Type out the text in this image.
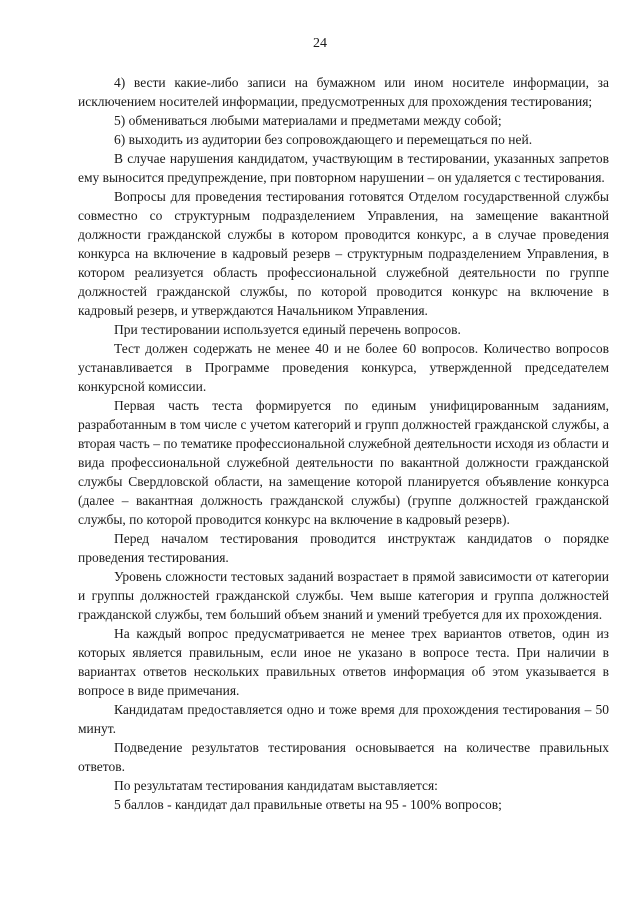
24

4) вести какие-либо записи на бумажном или ином носителе информации, за исключением носителей информации, предусмотренных для прохождения тестирования;

5) обмениваться любыми материалами и предметами между собой;

6) выходить из аудитории без сопровождающего и перемещаться по ней.

В случае нарушения кандидатом, участвующим в тестировании, указанных запретов ему выносится предупреждение, при повторном нарушении – он удаляется с тестирования.

Вопросы для проведения тестирования готовятся Отделом государственной службы совместно со структурным подразделением Управления, на замещение вакантной должности гражданской службы в котором проводится конкурс, а в случае проведения конкурса на включение в кадровый резерв – структурным подразделением Управления, в котором реализуется область профессиональной служебной деятельности по группе должностей гражданской службы, по которой проводится конкурс на включение в кадровый резерв, и утверждаются Начальником Управления.

При тестировании используется единый перечень вопросов.

Тест должен содержать не менее 40 и не более 60 вопросов. Количество вопросов устанавливается в Программе проведения конкурса, утвержденной председателем конкурсной комиссии.

Первая часть теста формируется по единым унифицированным заданиям, разработанным в том числе с учетом категорий и групп должностей гражданской службы, а вторая часть – по тематике профессиональной служебной деятельности исходя из области и вида профессиональной служебной деятельности по вакантной должности гражданской службы Свердловской области, на замещение которой планируется объявление конкурса (далее – вакантная должность гражданской службы) (группе должностей гражданской службы, по которой проводится конкурс на включение в кадровый резерв).

Перед началом тестирования проводится инструктаж кандидатов о порядке проведения тестирования.

Уровень сложности тестовых заданий возрастает в прямой зависимости от категории и группы должностей гражданской службы. Чем выше категория и группа должностей гражданской службы, тем больший объем знаний и умений требуется для их прохождения.

На каждый вопрос предусматривается не менее трех вариантов ответов, один из которых является правильным, если иное не указано в вопросе теста. При наличии в вариантах ответов нескольких правильных ответов информация об этом указывается в вопросе в виде примечания.

Кандидатам предоставляется одно и тоже время для прохождения тестирования – 50 минут.

Подведение результатов тестирования основывается на количестве правильных ответов.

По результатам тестирования кандидатам выставляется:

5 баллов - кандидат дал правильные ответы на 95 - 100% вопросов;
